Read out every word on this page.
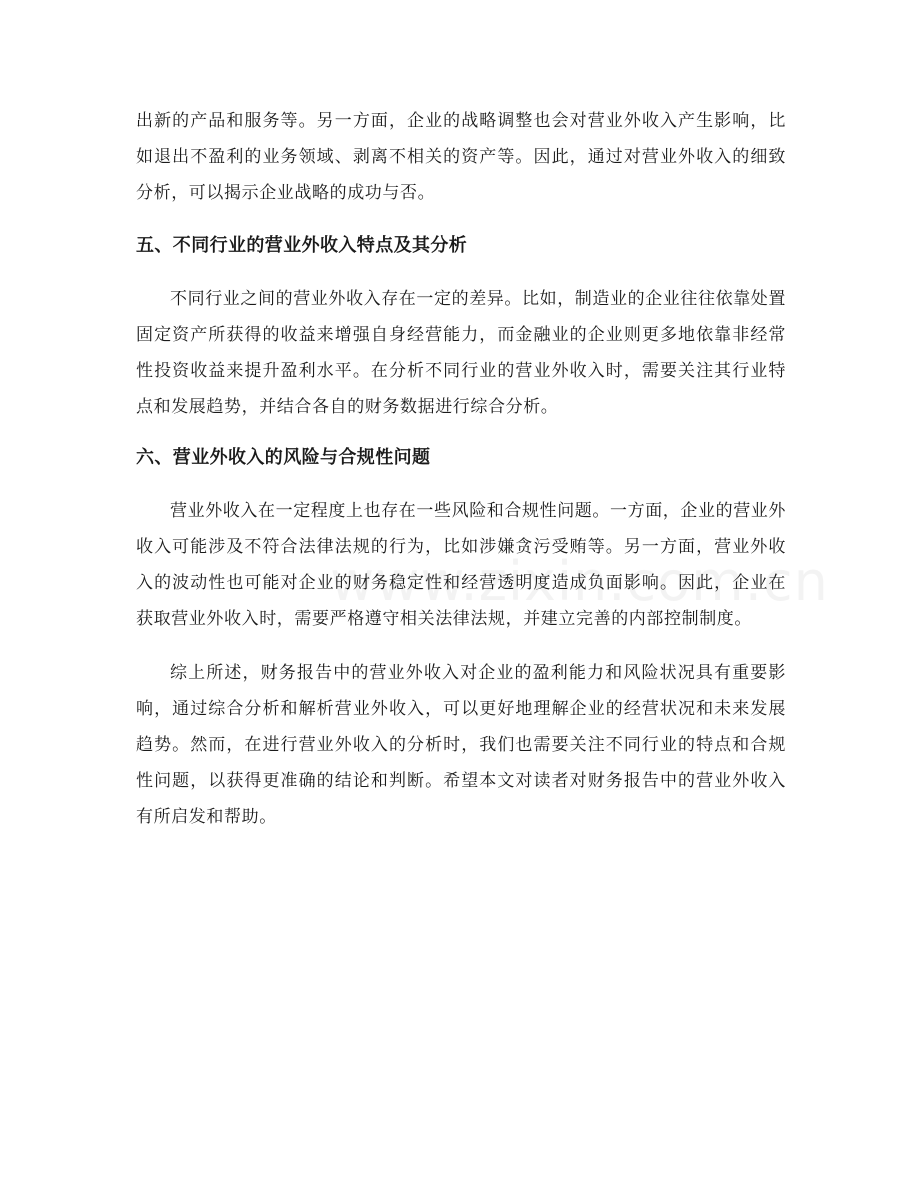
出新的产品和服务等。另一方面，企业的战略调整也会对营业外收入产生影响，比如退出不盈利的业务领域、剥离不相关的资产等。因此，通过对营业外收入的细致分析，可以揭示企业战略的成功与否。

五、不同行业的营业外收入特点及其分析

不同行业之间的营业外收入存在一定的差异。比如，制造业的企业往往依靠处置固定资产所获得的收益来增强自身经营能力，而金融业的企业则更多地依靠非经常性投资收益来提升盈利水平。在分析不同行业的营业外收入时，需要关注其行业特点和发展趋势，并结合各自的财务数据进行综合分析。

六、营业外收入的风险与合规性问题

营业外收入在一定程度上也存在一些风险和合规性问题。一方面，企业的营业外收入可能涉及不符合法律法规的行为，比如涉嫌贪污受贿等。另一方面，营业外收入的波动性也可能对企业的财务稳定性和经营透明度造成负面影响。因此，企业在获取营业外收入时，需要严格遵守相关法律法规，并建立完善的内部控制制度。

综上所述，财务报告中的营业外收入对企业的盈利能力和风险状况具有重要影响，通过综合分析和解析营业外收入，可以更好地理解企业的经营状况和未来发展趋势。然而，在进行营业外收入的分析时，我们也需要关注不同行业的特点和合规性问题，以获得更准确的结论和判断。希望本文对读者对财务报告中的营业外收入有所启发和帮助。
